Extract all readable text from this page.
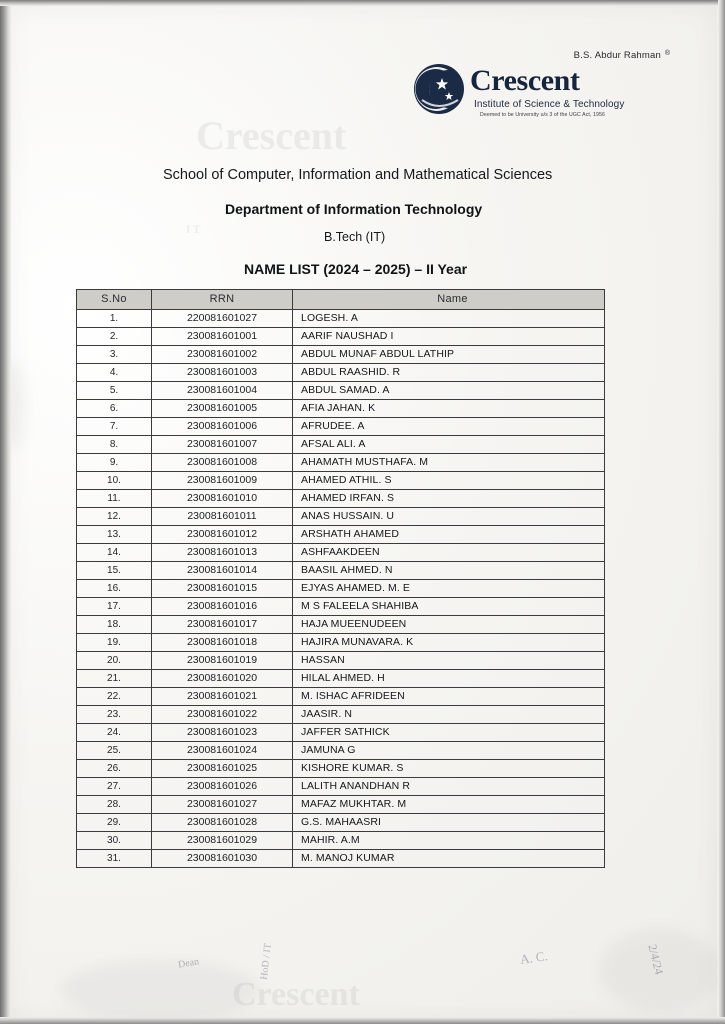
B.S. Abdur Rahman ®
Crescent
Institute of Science & Technology
Deemed to be University u/s 3 of the UGC Act, 1956
School of Computer, Information and Mathematical Sciences
Department of Information Technology
B.Tech (IT)
NAME LIST (2024 – 2025) – II Year
S.No	RRN	Name
1.	220081601027	LOGESH. A
2.	230081601001	AARIF NAUSHAD I
3.	230081601002	ABDUL MUNAF ABDUL LATHIP
4.	230081601003	ABDUL RAASHID. R
5.	230081601004	ABDUL SAMAD. A
6.	230081601005	AFIA JAHAN. K
7.	230081601006	AFRUDEE. A
8.	230081601007	AFSAL ALI. A
9.	230081601008	AHAMATH MUSTHAFA. M
10.	230081601009	AHAMED ATHIL. S
11.	230081601010	AHAMED IRFAN. S
12.	230081601011	ANAS HUSSAIN. U
13.	230081601012	ARSHATH AHAMED
14.	230081601013	ASHFAAKDEEN
15.	230081601014	BAASIL AHMED. N
16.	230081601015	EJYAS AHAMED. M. E
17.	230081601016	M S FALEELA SHAHIBA
18.	230081601017	HAJA MUEENUDEEN
19.	230081601018	HAJIRA MUNAVARA. K
20.	230081601019	HASSAN
21.	230081601020	HILAL AHMED. H
22.	230081601021	M. ISHAC AFRIDEEN
23.	230081601022	JAASIR. N
24.	230081601023	JAFFER SATHICK
25.	230081601024	JAMUNA G
26.	230081601025	KISHORE KUMAR. S
27.	230081601026	LALITH ANANDHAN R
28.	230081601027	MAFAZ MUKHTAR. M
29.	230081601028	G.S. MAHAASRI
30.	230081601029	MAHIR. A.M
31.	230081601030	M. MANOJ KUMAR
Dean	HoD / IT	A. C.	2/4/24
